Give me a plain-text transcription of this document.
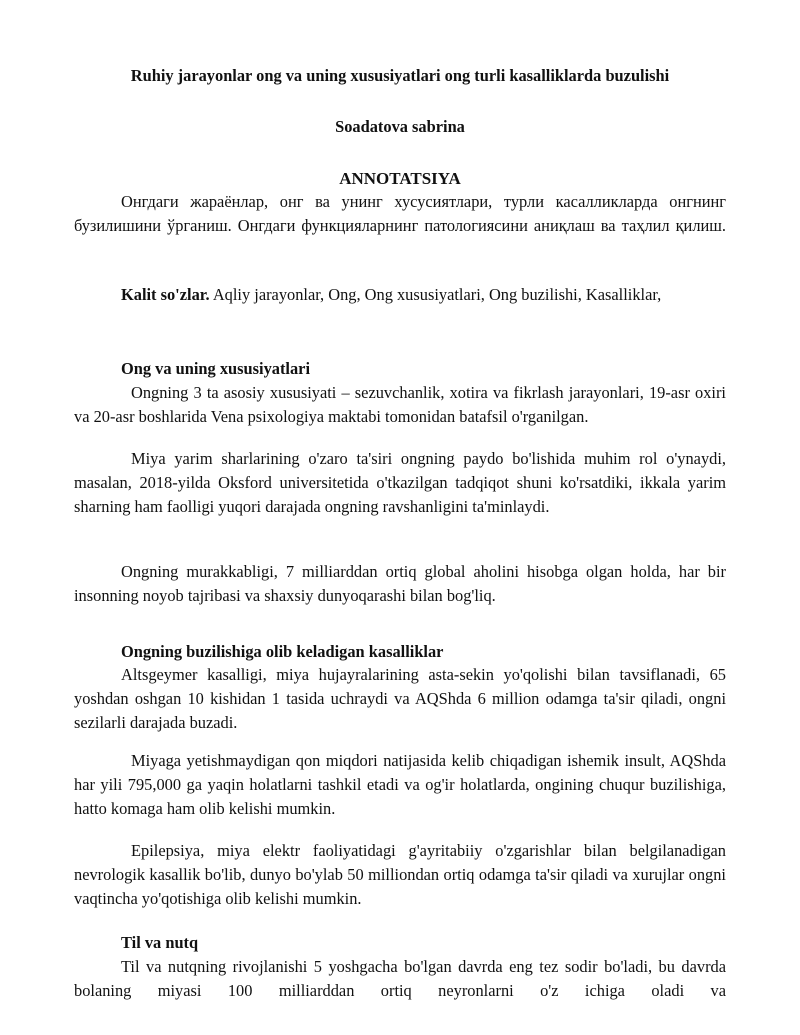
Ruhiy jarayonlar ong va uning xususiyatlari ong turli kasalliklarda buzulishi
Soadatova sabrina
ANNOTATSIYA
Онгдаги жараёнлар, онг ва унинг хусусиятлари, турли касалликларда онгнинг бузилишини ўрганиш. Онгдаги функцияларнинг патологиясини аниқлаш ва таҳлил қилиш.
Kalit so'zlar. Aqliy jarayonlar, Ong, Ong xususiyatlari, Ong buzilishi, Kasalliklar,
Ong va uning xususiyatlari
Ongning 3 ta asosiy xususiyati – sezuvchanlik, xotira va fikrlash jarayonlari, 19-asr oxiri va 20-asr boshlarida Vena psixologiya maktabi tomonidan batafsil o'rganilgan.
Miya yarim sharlarining o'zaro ta'siri ongning paydo bo'lishida muhim rol o'ynaydi, masalan, 2018-yilda Oksford universitetida o'tkazilgan tadqiqot shuni ko'rsatdiki, ikkala yarim sharning ham faolligi yuqori darajada ongning ravshanligini ta'minlaydi.
Ongning murakkabligi, 7 milliarddan ortiq global aholini hisobga olgan holda, har bir insonning noyob tajribasi va shaxsiy dunyoqarashi bilan bog'liq.
Ongning buzilishiga olib keladigan kasalliklar
Altsgeymer kasalligi, miya hujayralarining asta-sekin yo'qolishi bilan tavsiflanadi, 65 yoshdan oshgan 10 kishidan 1 tasida uchraydi va AQShda 6 million odamga ta'sir qiladi, ongni sezilarli darajada buzadi.
Miyaga yetishmaydigan qon miqdori natijasida kelib chiqadigan ishemik insult, AQShda har yili 795,000 ga yaqin holatlarni tashkil etadi va og'ir holatlarda, ongining chuqur buzilishiga, hatto komaga ham olib kelishi mumkin.
Epilepsiya, miya elektr faoliyatidagi g'ayritabiiy o'zgarishlar bilan belgilanadigan nevrologik kasallik bo'lib, dunyo bo'ylab 50 milliondan ortiq odamga ta'sir qiladi va xurujlar ongni vaqtincha yo'qotishiga olib kelishi mumkin.
Til va nutq
Til va nutqning rivojlanishi 5 yoshgacha bo'lgan davrda eng tez sodir bo'ladi, bu davrda bolaning miyasi 100 milliarddan ortiq neyronlarni o'z ichiga oladi va
